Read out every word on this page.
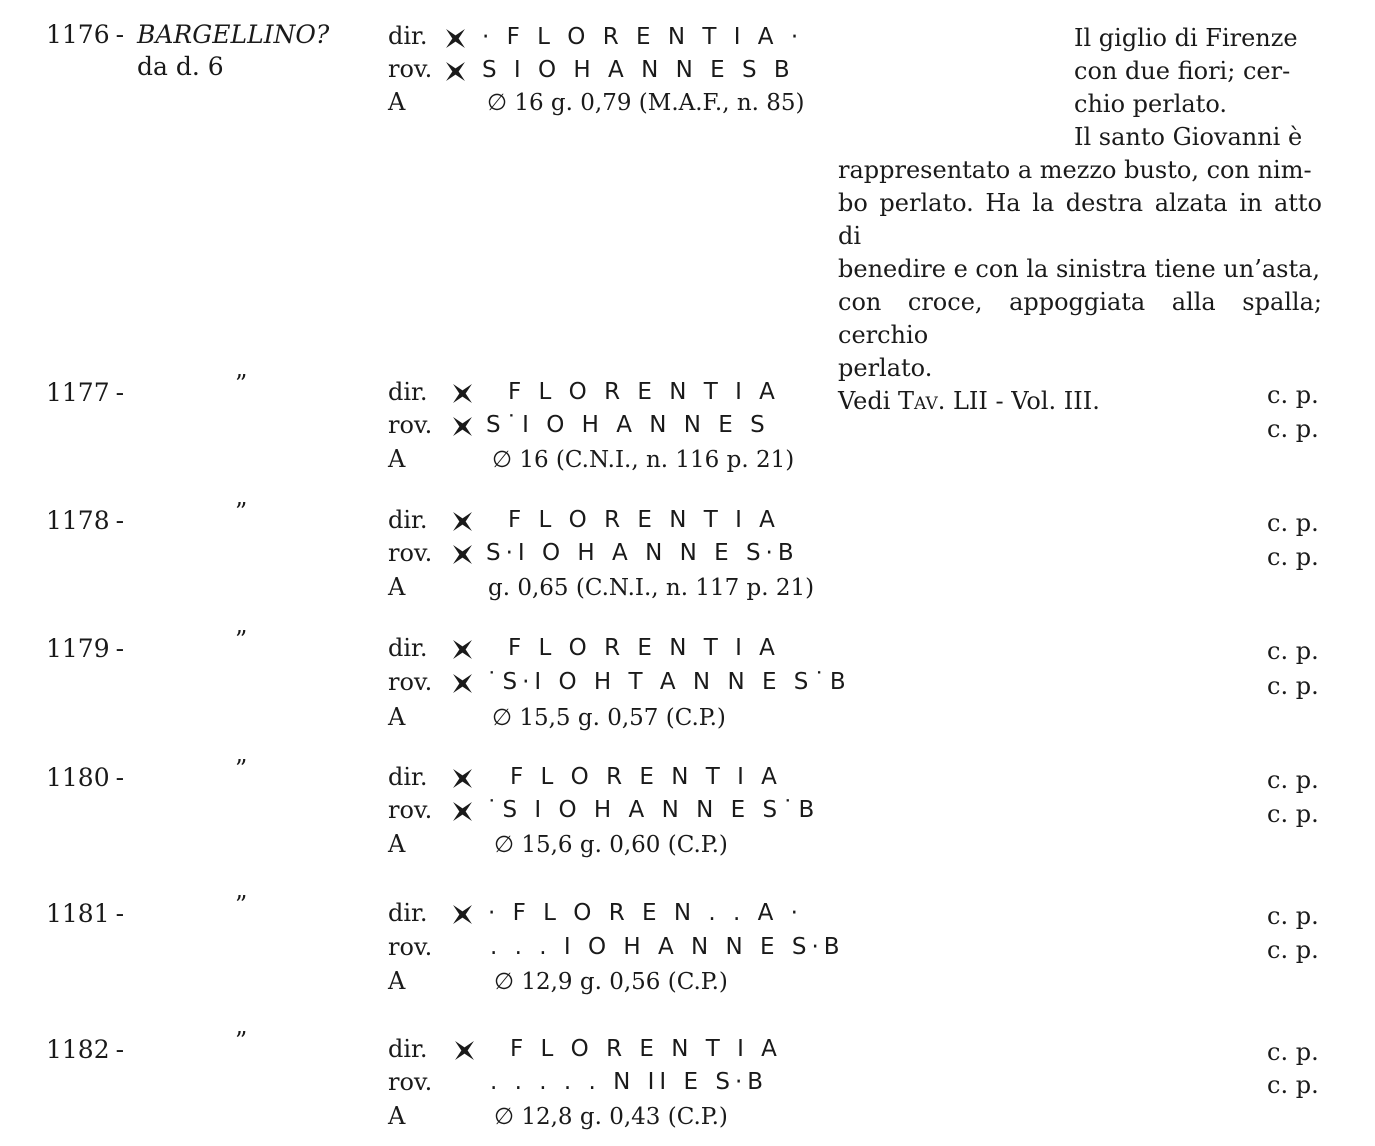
1176 - BARGELLINO?
da d. 6
dir. · F L O R E N T I A ·
rov. S I O H A N N E S B
A	∅ 16 g. 0,79 (M.A.F., n. 85)

Il giglio di Firenze

con due fiori; cer-

chio perlato.

Il santo Giovanni è

rappresentato a mezzo busto, con nim-

bo perlato. Ha la destra alzata in atto di

benedire e con la sinistra tiene un’asta,

con croce, appoggiata alla spalla; cerchio

perlato.

Vedi Tav. LII - Vol. III.

1177 -	”	dir.	F L O R E N T I A	c. p.
rov. S˙I O H A N N E S	c. p.
A	∅ 16 (C.N.I., n. 116 p. 21)
1178 -	”	dir.	F L O R E N T I A	c. p.
rov. S·I O H A N N E S·B	c. p.
A	g. 0,65 (C.N.I., n. 117 p. 21)
1179 -	”	dir.	F L O R E N T I A	c. p.
rov. ˙S·I O H T A N N E S˙B	c. p.
A	∅ 15,5 g. 0,57 (C.P.)
1180 -	”	dir.	F L O R E N T I A	c. p.
rov. ˙S I O H A N N E S˙B	c. p.
A	∅ 15,6 g. 0,60 (C.P.)
1181 -	”	dir.	· F L O R E N . . A ·	c. p.
rov.	. . . I O H A N N E S·B	c. p.
A	∅ 12,9 g. 0,56 (C.P.)
1182 -	”	dir.	F L O R E N T I A	c. p.
rov.	. . . . . N II E S·B	c. p.
A	∅ 12,8 g. 0,43 (C.P.)
